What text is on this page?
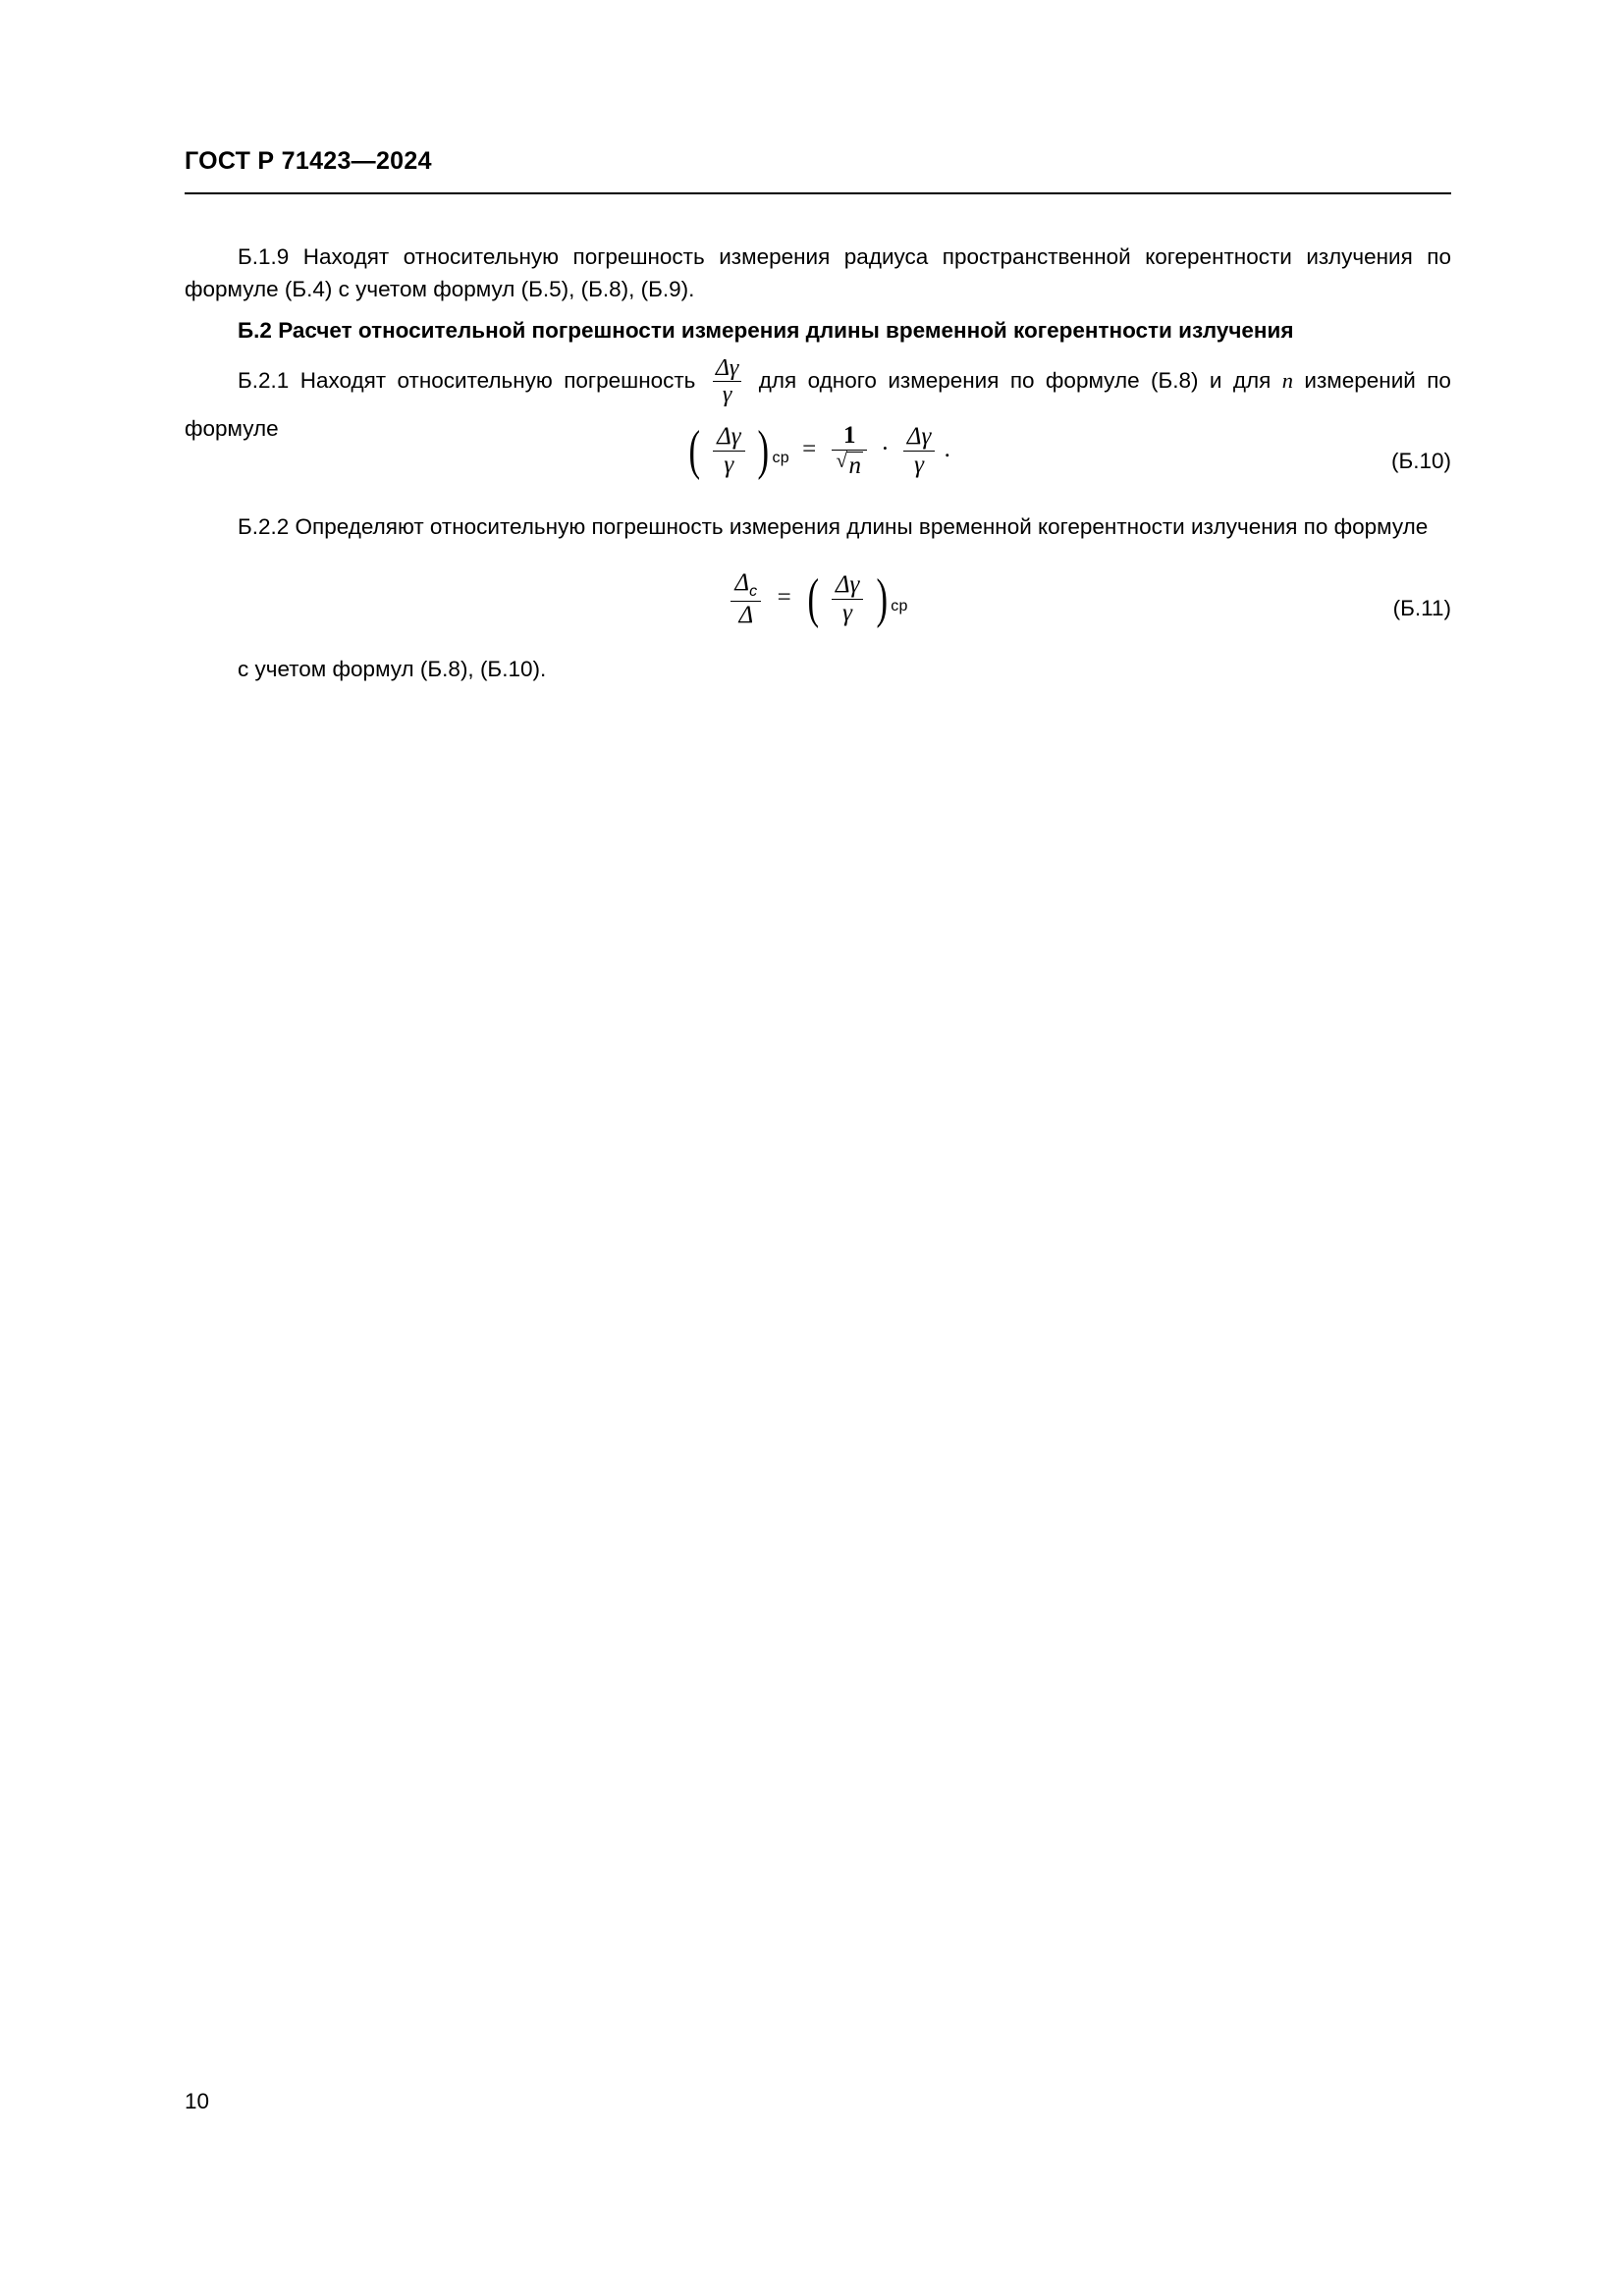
ГОСТ Р 71423—2024
Б.1.9 Находят относительную погрешность измерения радиуса пространственной когерентности излучения по формуле (Б.4) с учетом формул (Б.5), (Б.8), (Б.9).
Б.2 Расчет относительной погрешности измерения длины временной когерентности излучения
Б.2.1 Находят относительную погрешность $\frac{\Delta\gamma}{\gamma}$ для одного измерения по формуле (Б.8) и для n измерений по формуле	( $\frac{\Delta\gamma}{\gamma}$ ) $_{ср}$ = 1
√ $n \cdot \frac{\Delta\gamma}{\gamma}$ .	(Б.10)
Б.2.2 Определяют относительную погрешность измерения длины временной когерентности излучения по формуле
$\frac{\Delta_с}{\Delta}$ = ( $\frac{\Delta\gamma}{\gamma}$ ) $_{ср}$	(Б.11)
с учетом формул (Б.8), (Б.10).
10
